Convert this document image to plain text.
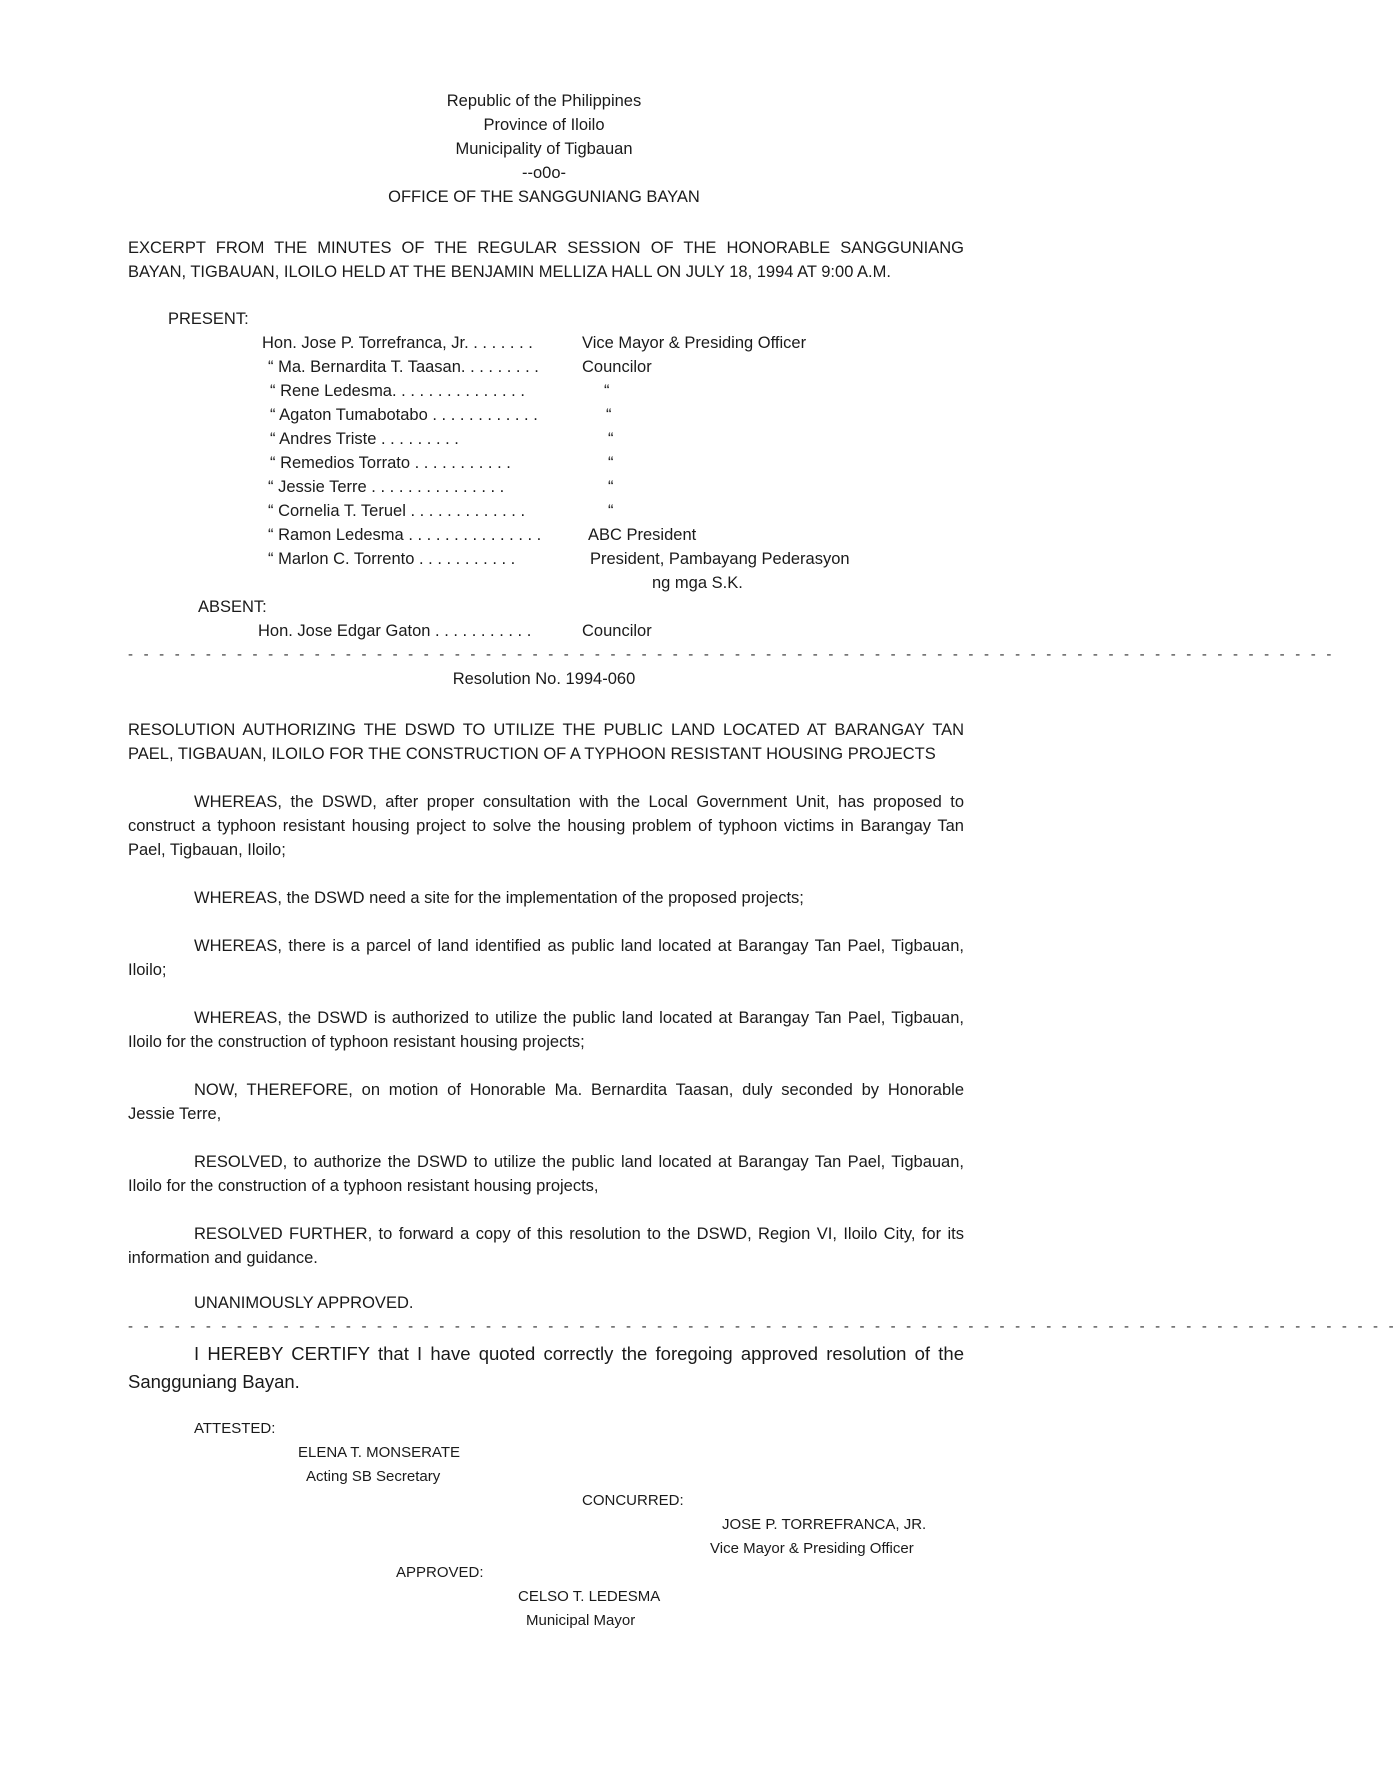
Republic of the Philippines
Province of Iloilo
Municipality of Tigbauan
--o0o-
OFFICE OF THE SANGGUNIANG BAYAN
EXCERPT FROM THE MINUTES OF THE REGULAR SESSION OF THE HONORABLE SANGGUNIANG BAYAN, TIGBAUAN, ILOILO HELD AT THE BENJAMIN MELLIZA HALL ON JULY 18, 1994 AT 9:00 A.M.
PRESENT:
Hon. Jose P. Torrefranca, Jr. . . . . . . .	Vice Mayor & Presiding Officer
“ Ma. Bernardita T. Taasan. . . . . . . . .	Councilor
“ Rene Ledesma. . . . . . . . . . . . . . .	“
“ Agaton Tumabotabo . . . . . . . . . . . .	“
“ Andres Triste . . . . . . . . .	“
“ Remedios Torrato . . . . . . . . . . .	“
“ Jessie Terre . . . . . . . . . . . . . . .	“
“ Cornelia T. Teruel . . . . . . . . . . . . .	“
“ Ramon Ledesma . . . . . . . . . . . . . . .	ABC President
“ Marlon C. Torrento . . . . . . . . . . .	President, Pambayang Pederasyon
ng mga S.K.
ABSENT:
Hon. Jose Edgar Gaton . . . . . . . . . . .	Councilor
- - - - - - - - - - - - - - - - - - - - - - - - - - - - - - - - - - - - - - - - - - - - - - - - - - - - - - - - - - - - - - - - - - - - - - - - - - - - - -
Resolution No. 1994-060
RESOLUTION AUTHORIZING THE DSWD TO UTILIZE THE PUBLIC LAND LOCATED AT BARANGAY TAN PAEL, TIGBAUAN, ILOILO FOR THE CONSTRUCTION OF A TYPHOON RESISTANT HOUSING PROJECTS
WHEREAS, the DSWD, after proper consultation with the Local Government Unit, has proposed to construct a typhoon resistant housing project to solve the housing problem of typhoon victims in Barangay Tan Pael, Tigbauan, Iloilo;
WHEREAS, the DSWD need a site for the implementation of the proposed projects;
WHEREAS, there is a parcel of land identified as public land located at Barangay Tan Pael, Tigbauan, Iloilo;
WHEREAS, the DSWD is authorized to utilize the public land located at Barangay Tan Pael, Tigbauan, Iloilo for the construction of typhoon resistant housing projects;
NOW, THEREFORE, on motion of Honorable Ma. Bernardita Taasan, duly seconded by Honorable Jessie Terre,
RESOLVED, to authorize the DSWD to utilize the public land located at Barangay Tan Pael, Tigbauan, Iloilo for the construction of a typhoon resistant housing projects,
RESOLVED FURTHER, to forward a copy of this resolution to the DSWD, Region VI, Iloilo City, for its information and guidance.
UNANIMOUSLY APPROVED.
- - - - - - - - - - - - - - - - - - - - - - - - - - - - - - - - - - - - - - - - - - - - - - - - - - - - - - - - - - - - - - - - - - - - - - - - - - - - - - - - - -
I HEREBY CERTIFY that I have quoted correctly the foregoing approved resolution of the Sangguniang Bayan.
ATTESTED:
ELENA T. MONSERATE
Acting SB Secretary
CONCURRED:
JOSE P. TORREFRANCA, JR.
Vice Mayor & Presiding Officer
APPROVED:
CELSO T. LEDESMA
Municipal Mayor
